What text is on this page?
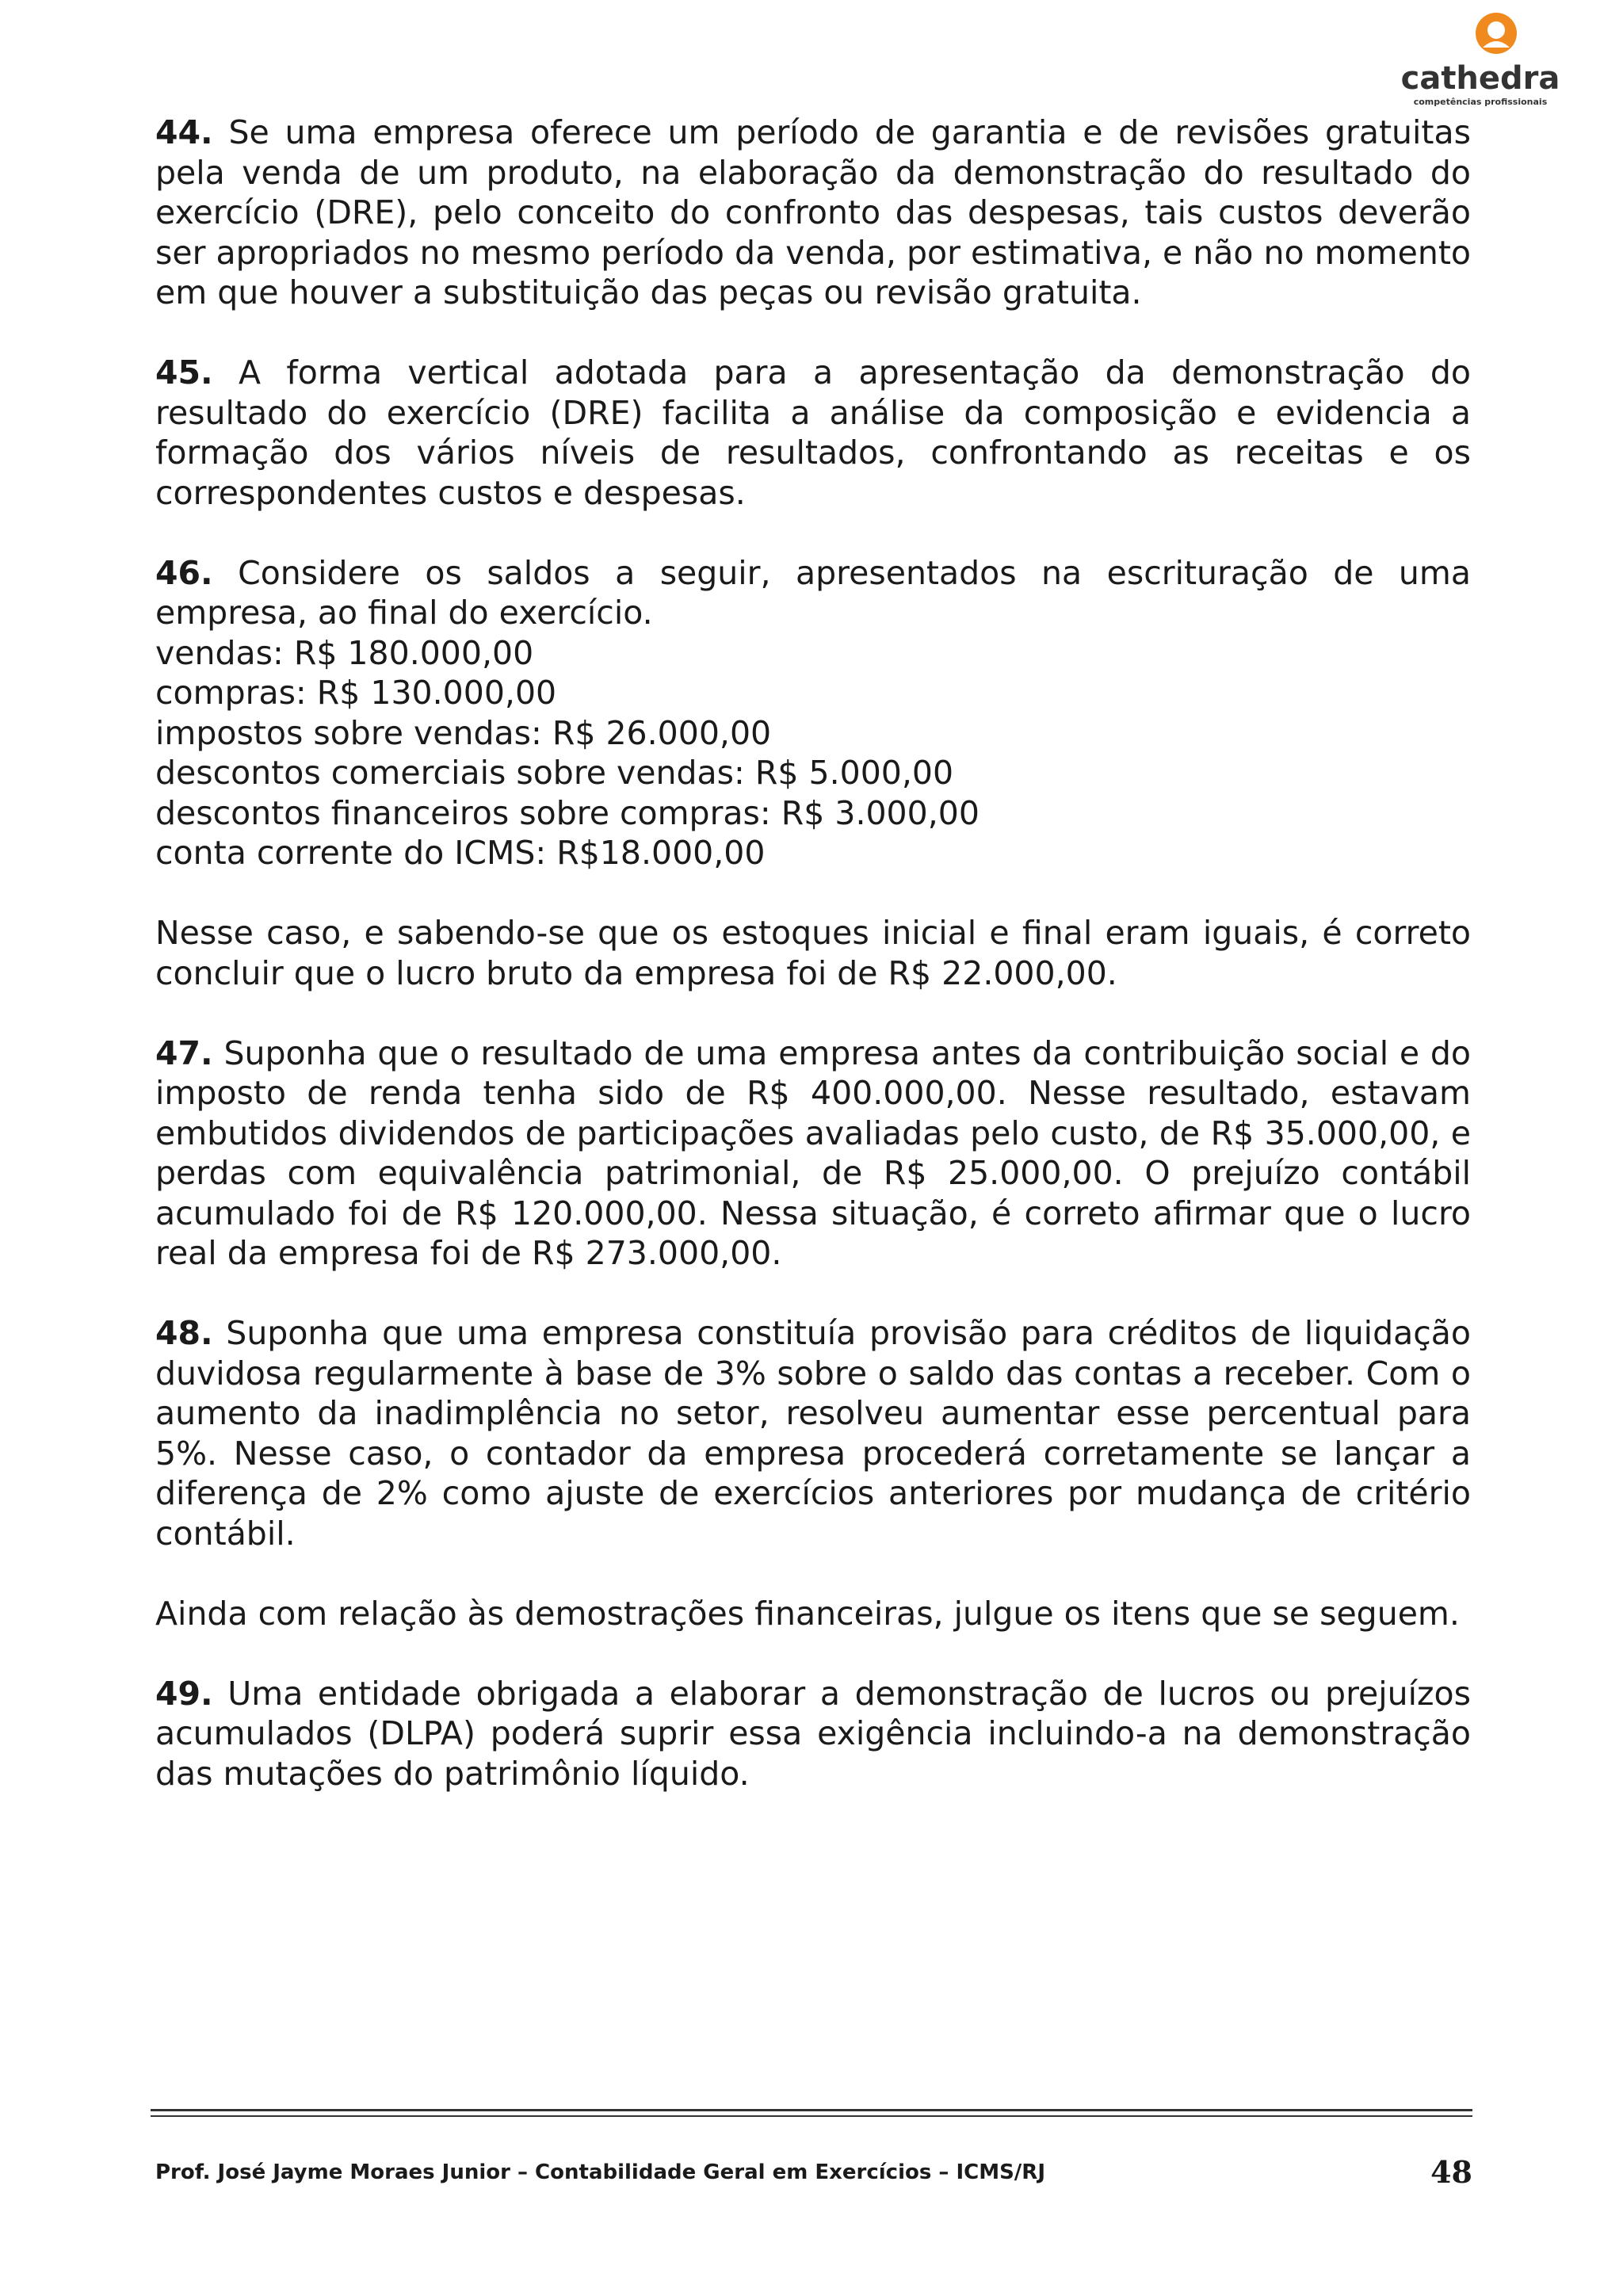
cathedra
competências profissionais

44. Se uma empresa oferece um período de garantia e de revisões gratuitas pela venda de um produto, na elaboração da demonstração do resultado do exercício (DRE), pelo conceito do confronto das despesas, tais custos deverão ser apropriados no mesmo período da venda, por estimativa, e não no momento em que houver a substituição das peças ou revisão gratuita.

45. A forma vertical adotada para a apresentação da demonstração do resultado do exercício (DRE) facilita a análise da composição e evidencia a formação dos vários níveis de resultados, confrontando as receitas e os correspondentes custos e despesas.

46. Considere os saldos a seguir, apresentados na escrituração de uma empresa, ao final do exercício.

vendas: R$ 180.000,00

compras: R$ 130.000,00

impostos sobre vendas: R$ 26.000,00

descontos comerciais sobre vendas: R$ 5.000,00

descontos financeiros sobre compras: R$ 3.000,00

conta corrente do ICMS: R$18.000,00

Nesse caso, e sabendo-se que os estoques inicial e final eram iguais, é correto concluir que o lucro bruto da empresa foi de R$ 22.000,00.

47. Suponha que o resultado de uma empresa antes da contribuição social e do imposto de renda tenha sido de R$ 400.000,00. Nesse resultado, estavam embutidos dividendos de participações avaliadas pelo custo, de R$ 35.000,00, e perdas com equivalência patrimonial, de R$ 25.000,00. O prejuízo contábil acumulado foi de R$ 120.000,00. Nessa situação, é correto afirmar que o lucro real da empresa foi de R$ 273.000,00.

48. Suponha que uma empresa constituía provisão para créditos de liquidação duvidosa regularmente à base de 3% sobre o saldo das contas a receber. Com o aumento da inadimplência no setor, resolveu aumentar esse percentual para 5%. Nesse caso, o contador da empresa procederá corretamente se lançar a diferença de 2% como ajuste de exercícios anteriores por mudança de critério contábil.

Ainda com relação às demostrações financeiras, julgue os itens que se seguem.

49. Uma entidade obrigada a elaborar a demonstração de lucros ou prejuízos acumulados (DLPA) poderá suprir essa exigência incluindo-a na demonstração das mutações do patrimônio líquido.

Prof. José Jayme Moraes Junior – Contabilidade Geral em Exercícios – ICMS/RJ	48
